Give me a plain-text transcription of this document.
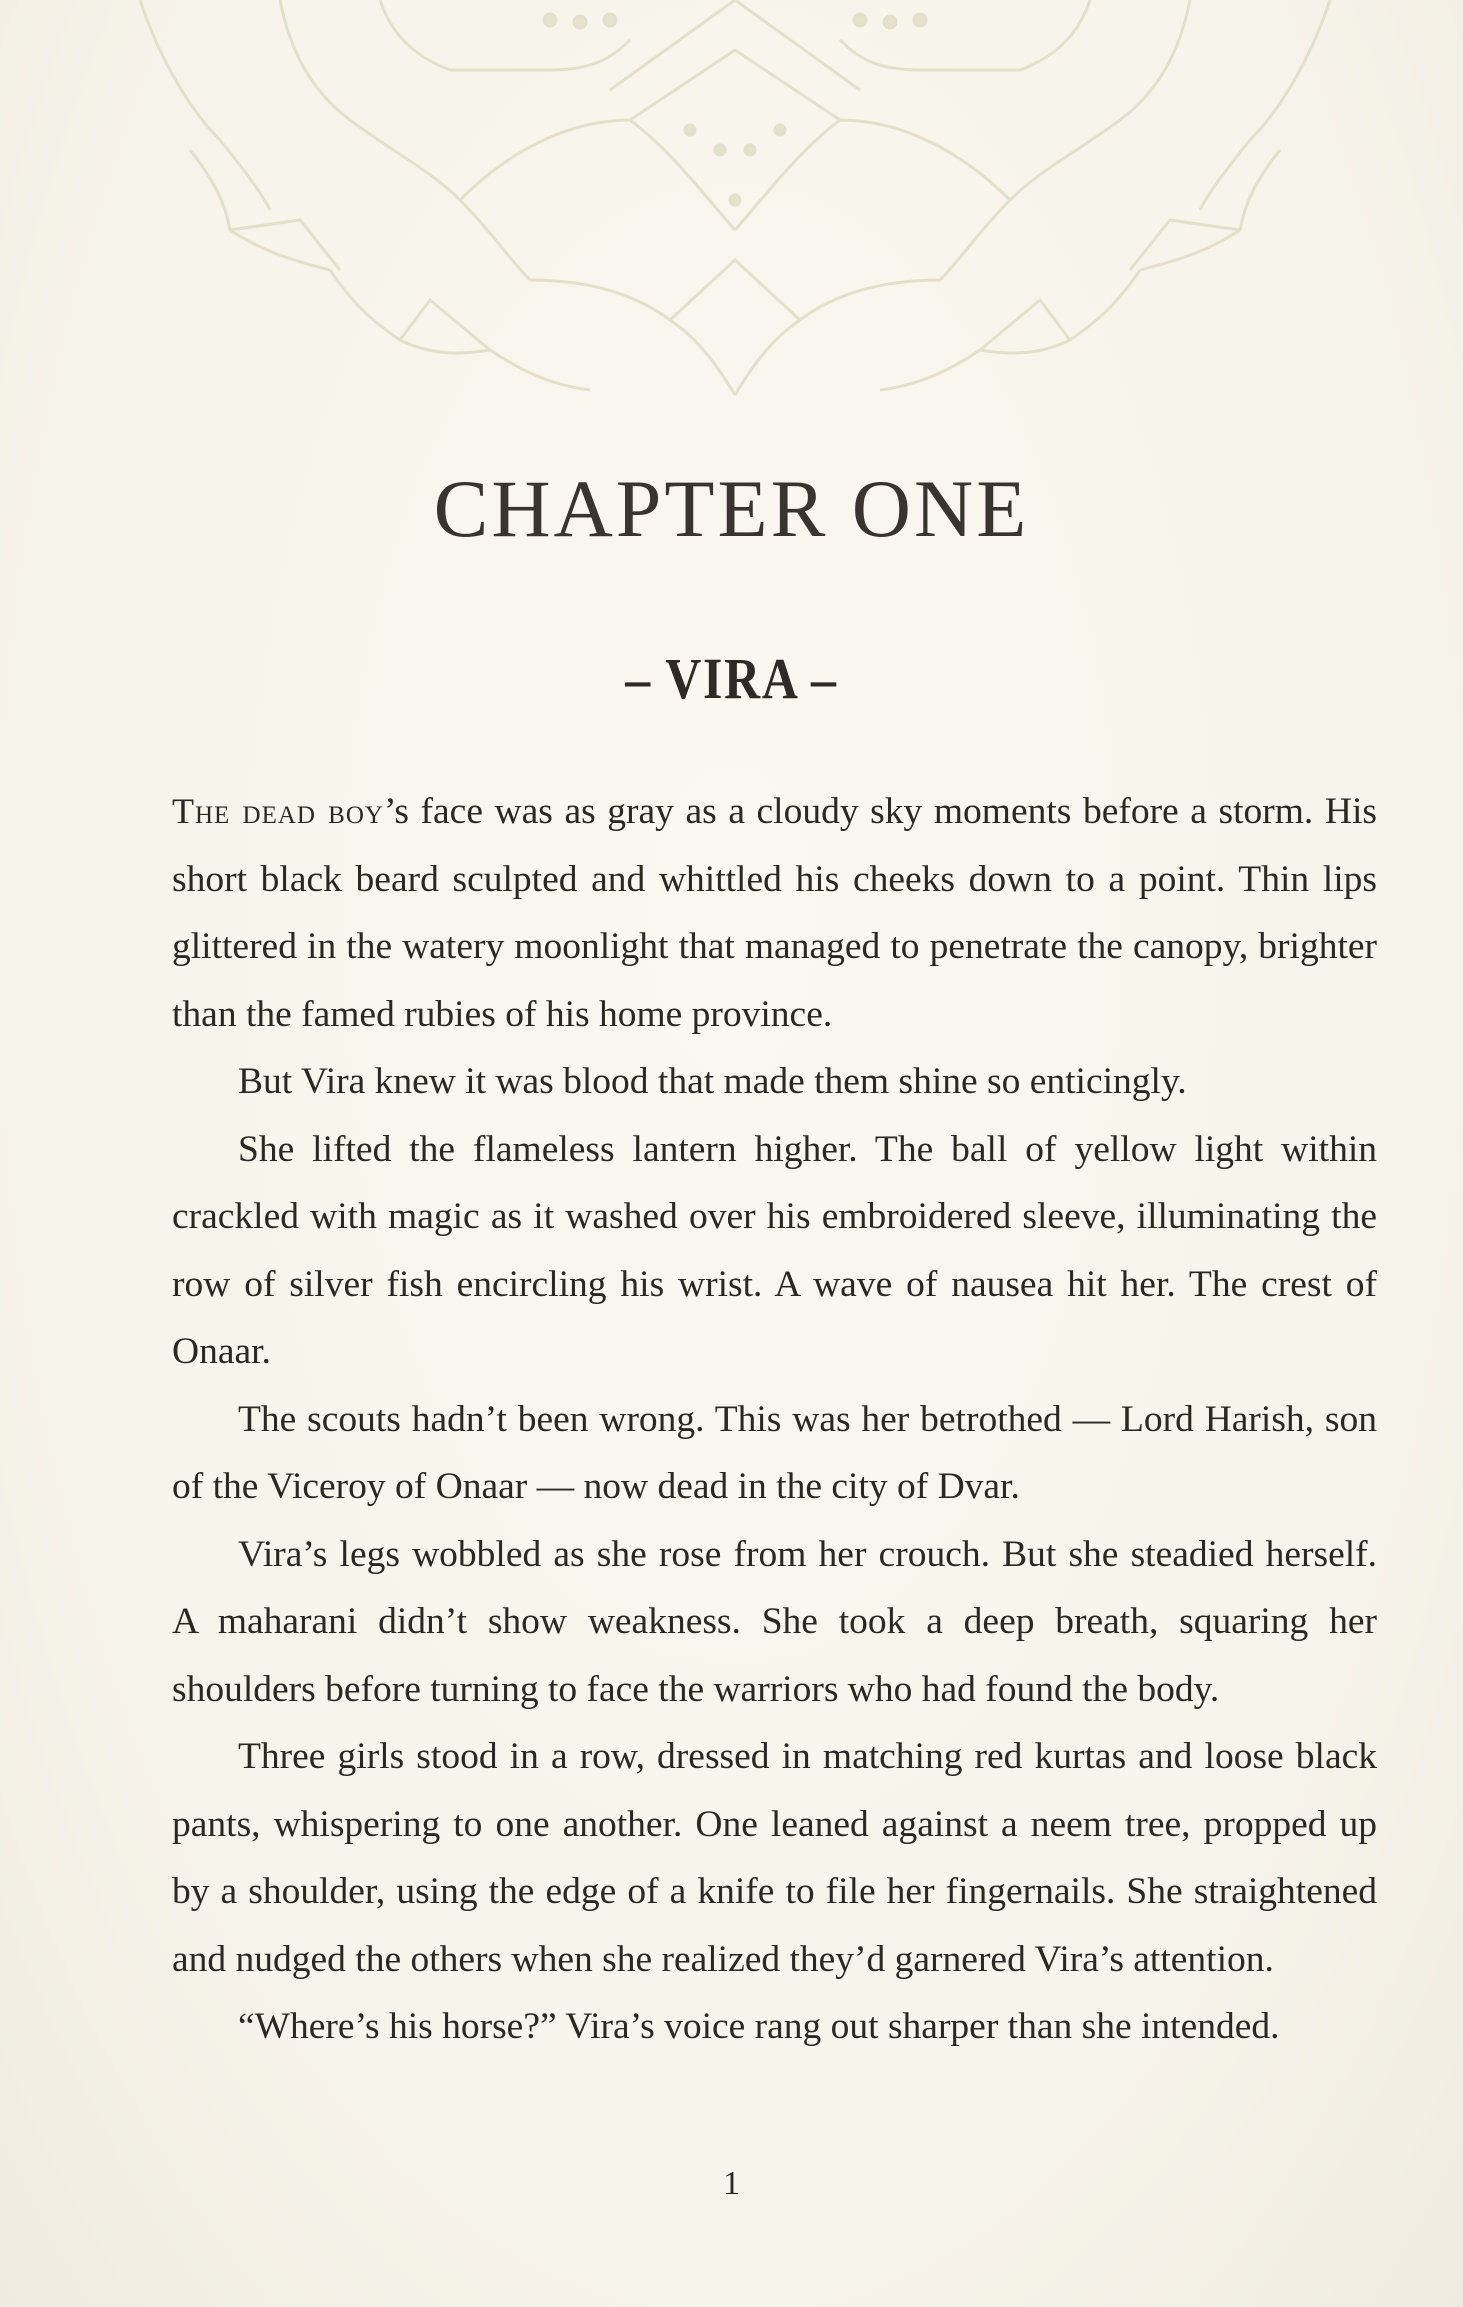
CHAPTER ONE
– VIRA –

The dead boy’s face was as gray as a cloudy sky moments before a storm. His short black beard sculpted and whittled his cheeks down to a point. Thin lips glittered in the watery moonlight that managed to penetrate the canopy, brighter than the famed rubies of his home province.

But Vira knew it was blood that made them shine so enticingly.

She lifted the flameless lantern higher. The ball of yellow light within crackled with magic as it washed over his embroidered sleeve, illuminating the row of silver fish encircling his wrist. A wave of nausea hit her. The crest of Onaar.

The scouts hadn’t been wrong. This was her betrothed — Lord Harish, son of the Viceroy of Onaar — now dead in the city of Dvar.

Vira’s legs wobbled as she rose from her crouch. But she steadied herself. A maharani didn’t show weakness. She took a deep breath, squaring her shoulders before turning to face the warriors who had found the body.

Three girls stood in a row, dressed in matching red kurtas and loose black pants, whispering to one another. One leaned against a neem tree, propped up by a shoulder, using the edge of a knife to file her fingernails. She straightened and nudged the others when she realized they’d garnered Vira’s attention.

“Where’s his horse?” Vira’s voice rang out sharper than she intended.

1
